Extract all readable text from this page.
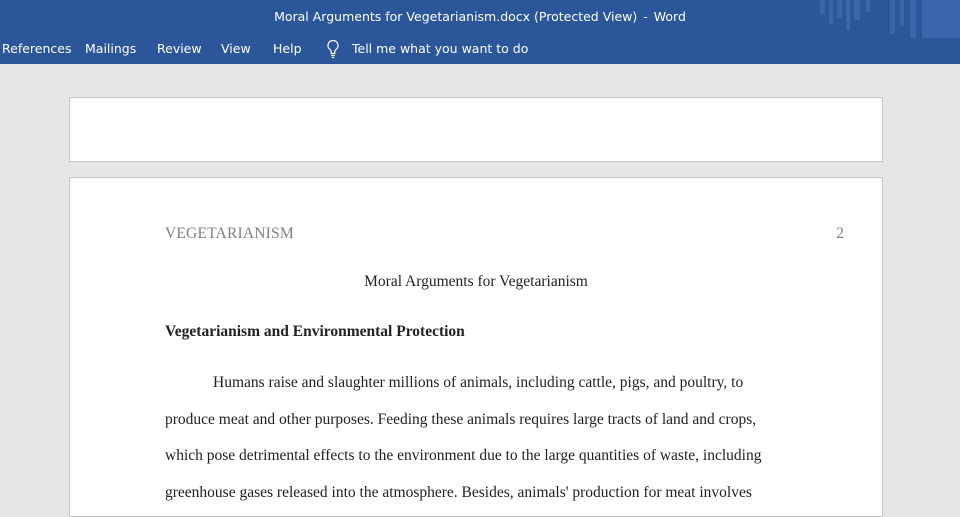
Moral Arguments for Vegetarianism.docx (Protected View) - Word
References Mailings Review View Help	Tell me what you want to do
VEGETARIANISM	2
Moral Arguments for Vegetarianism
Vegetarianism and Environmental Protection

Humans raise and slaughter millions of animals, including cattle, pigs, and poultry, to
produce meat and other purposes. Feeding these animals requires large tracts of land and crops,
which pose detrimental effects to the environment due to the large quantities of waste, including
greenhouse gases released into the atmosphere. Besides, animals' production for meat involves
